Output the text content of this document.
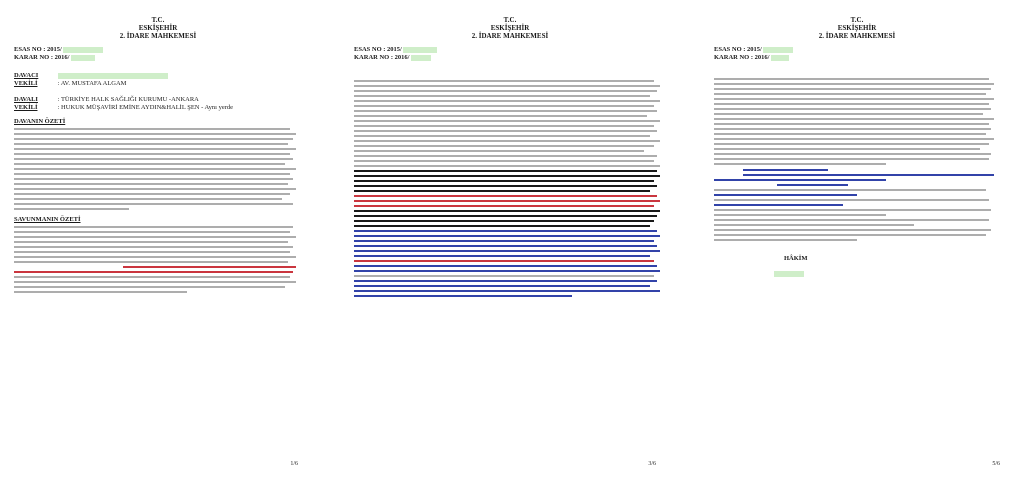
T.C.
ESKİŞEHİR
2. İDARE MAHKEMESİ
ESAS NO : 2015/
KARAR NO : 2016/
DAVACI
VEKİLİ	: AV. MUSTAFA ALGAM
DAVALI	: TÜRKİYE HALK SAĞLIĞI KURUMU -ANKARA
VEKİLİ	: HUKUK MÜŞAVİRİ EMİNE AYDIN&HALİL ŞEN - Aynı yerde
DAVANIN ÖZETİ
SAVUNMANIN ÖZETİ
1/6
T.C.
ESKİŞEHİR
2. İDARE MAHKEMESİ
ESAS NO : 2015/
KARAR NO : 2016/
3/6
T.C.
ESKİŞEHİR
2. İDARE MAHKEMESİ
ESAS NO : 2015/
KARAR NO : 2016/
HÂKİM
5/6
